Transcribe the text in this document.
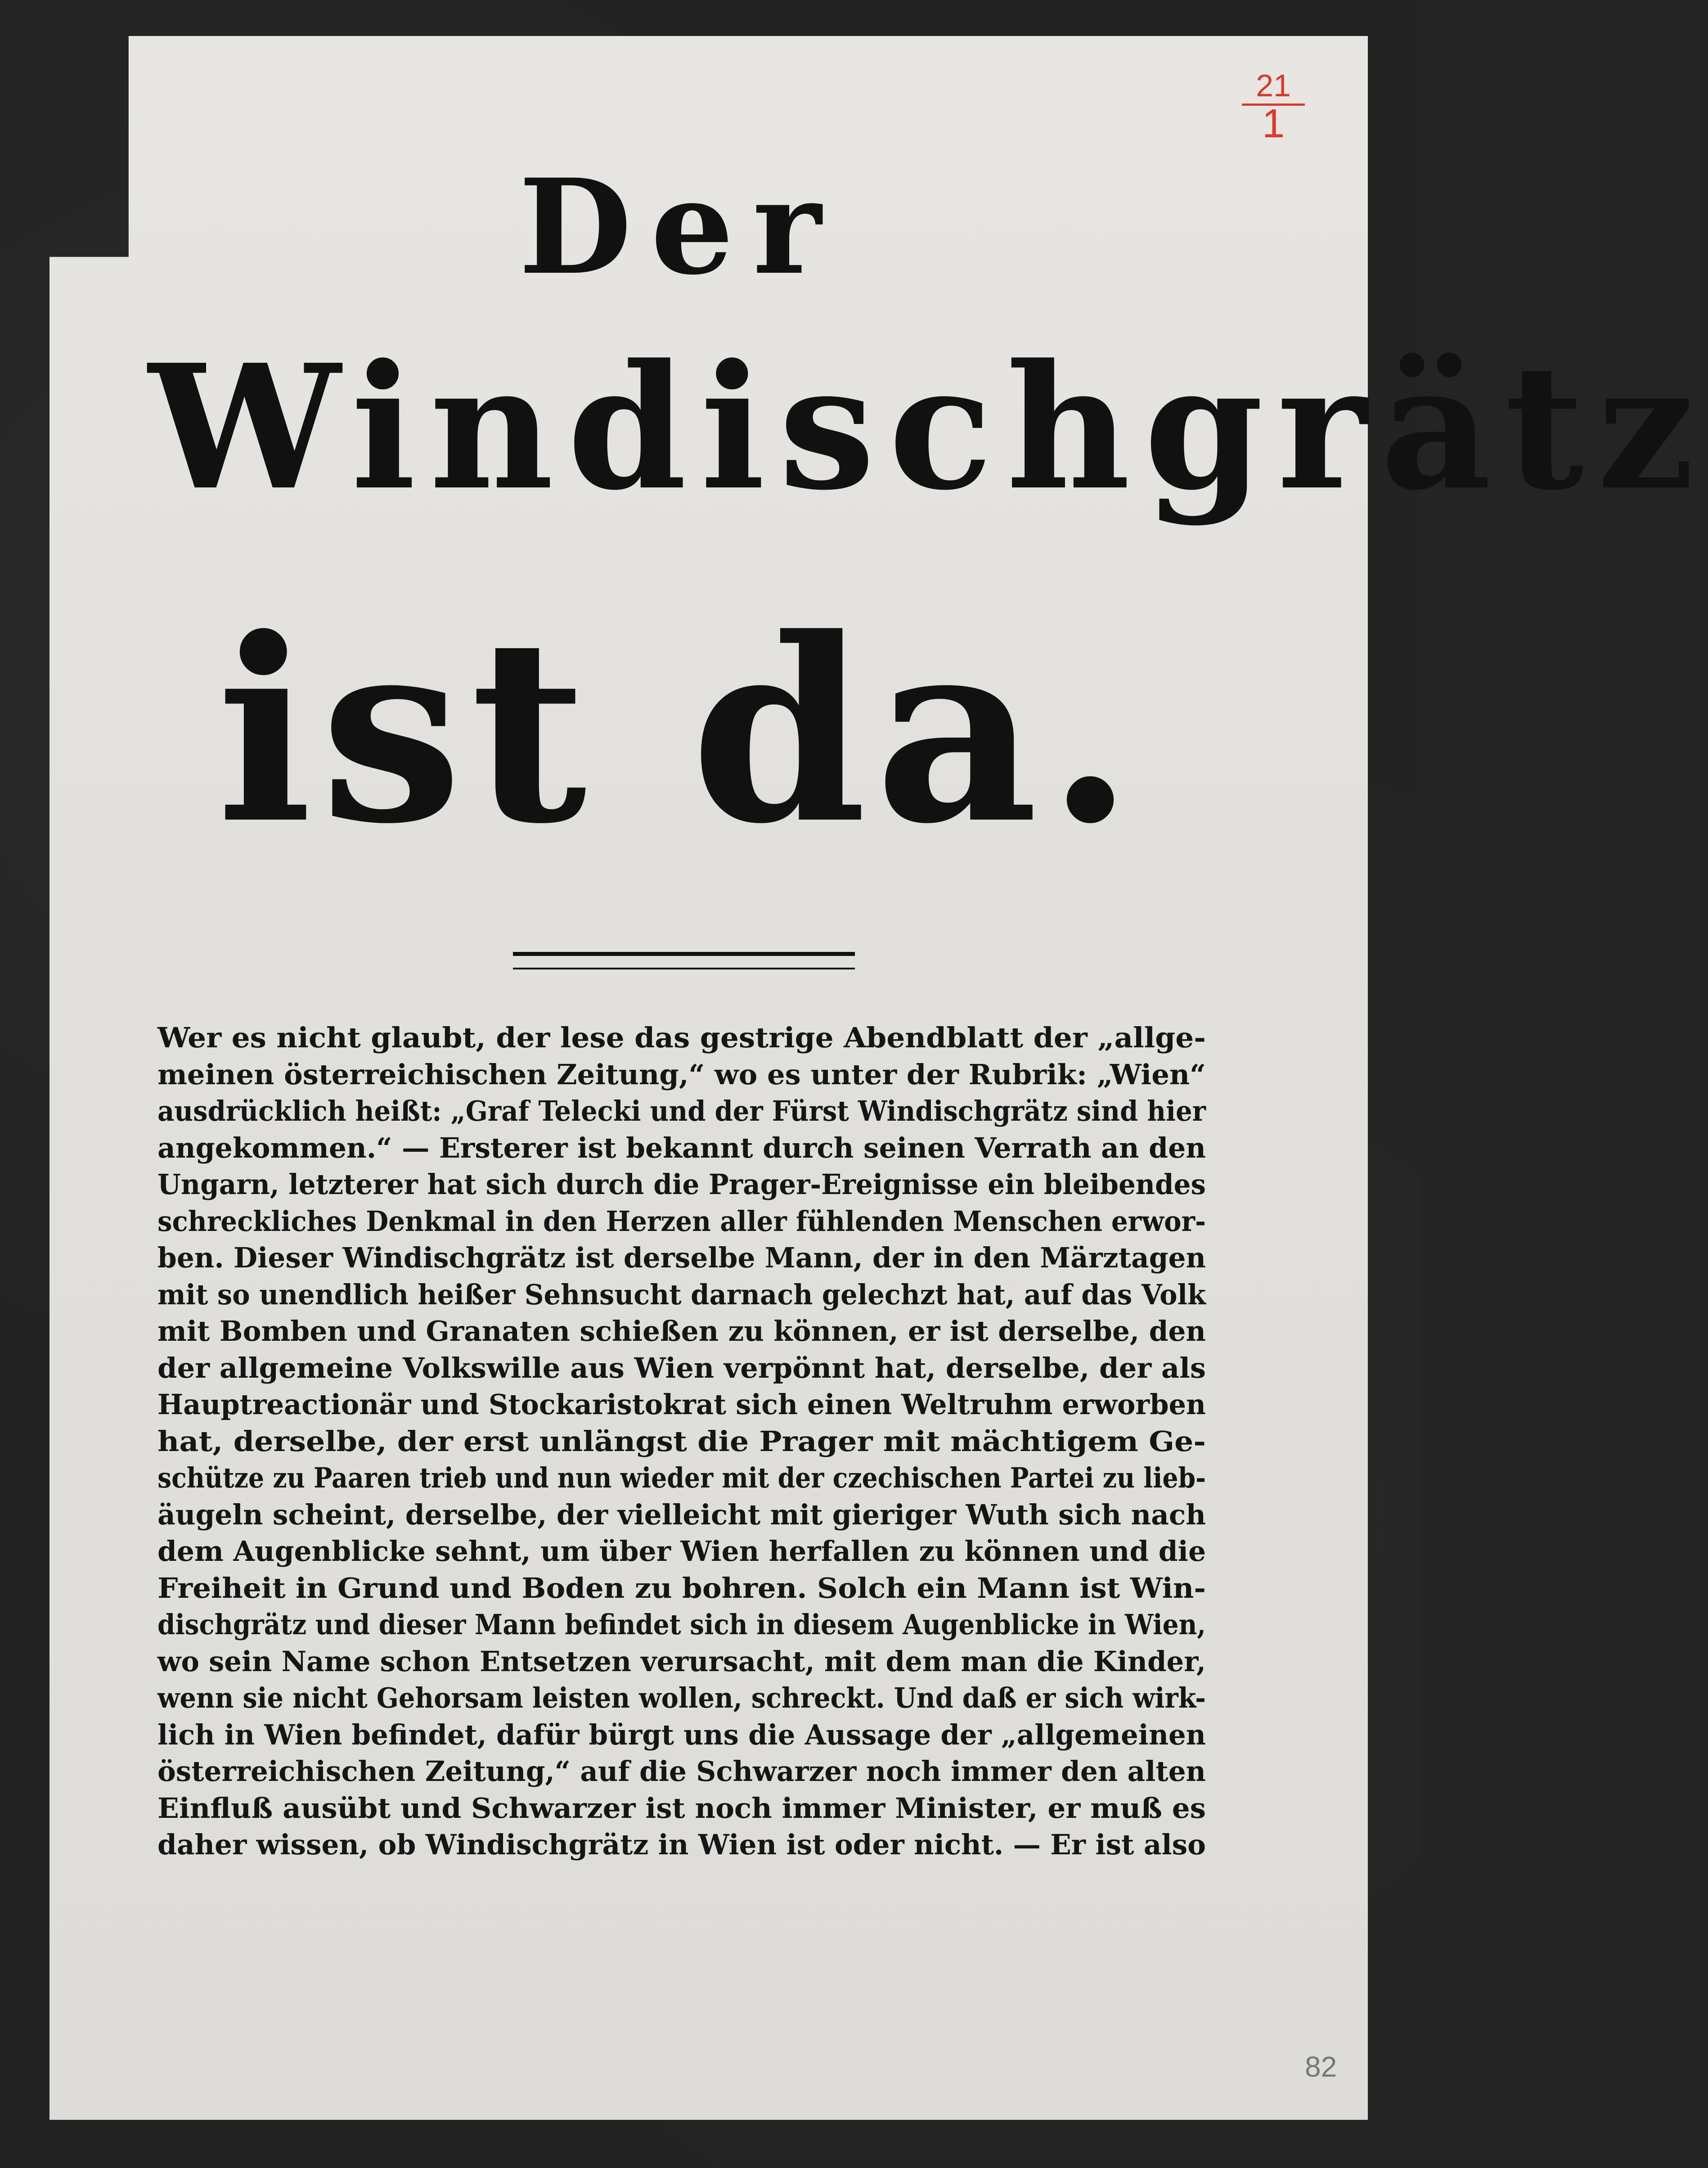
21
1
Der
Windischgrätz
ist da.
Wer es nicht glaubt, der lese das gestrige Abendblatt der „allge-
meinen österreichischen Zeitung,“ wo es unter der Rubrik: „Wien“
ausdrücklich heißt: „Graf Telecki und der Fürst Windischgrätz sind hier
angekommen.“ — Ersterer ist bekannt durch seinen Verrath an den
Ungarn, letzterer hat sich durch die Prager-Ereignisse ein bleibendes
schreckliches Denkmal in den Herzen aller fühlenden Menschen erwor-
ben. Dieser Windischgrätz ist derselbe Mann, der in den Märztagen
mit so unendlich heißer Sehnsucht darnach gelechzt hat, auf das Volk
mit Bomben und Granaten schießen zu können, er ist derselbe, den
der allgemeine Volkswille aus Wien verpönnt hat, derselbe, der als
Hauptreactionär und Stockaristokrat sich einen Weltruhm erworben
hat, derselbe, der erst unlängst die Prager mit mächtigem Ge-
schütze zu Paaren trieb und nun wieder mit der czechischen Partei zu lieb-
äugeln scheint, derselbe, der vielleicht mit gieriger Wuth sich nach
dem Augenblicke sehnt, um über Wien herfallen zu können und die
Freiheit in Grund und Boden zu bohren. Solch ein Mann ist Win-
dischgrätz und dieser Mann befindet sich in diesem Augenblicke in Wien,
wo sein Name schon Entsetzen verursacht, mit dem man die Kinder,
wenn sie nicht Gehorsam leisten wollen, schreckt. Und daß er sich wirk-
lich in Wien befindet, dafür bürgt uns die Aussage der „allgemeinen
österreichischen Zeitung,“ auf die Schwarzer noch immer den alten
Einfluß ausübt und Schwarzer ist noch immer Minister, er muß es
daher wissen, ob Windischgrätz in Wien ist oder nicht. — Er ist also
82
